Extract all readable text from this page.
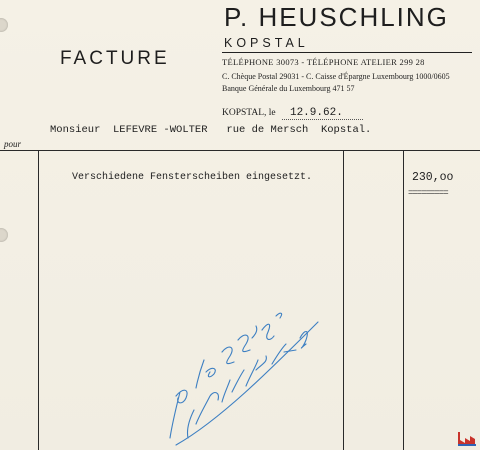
FACTURE
P. HEUSCHLING
KOPSTAL
TÉLÉPHONE 30073 - TÉLÉPHONE ATELIER 299 28
C. Chèque Postal 29031 - C. Caisse d'Épargne Luxembourg 1000/0605
Banque Générale du Luxembourg 471 57
KOPSTAL, le 12.9.62.
pour
Monsieur  LEFEVRE -WOLTER   rue de Mersch  Kopstal.
Verschiedene Fensterscheiben eingesetzt.	230,oo
=========
